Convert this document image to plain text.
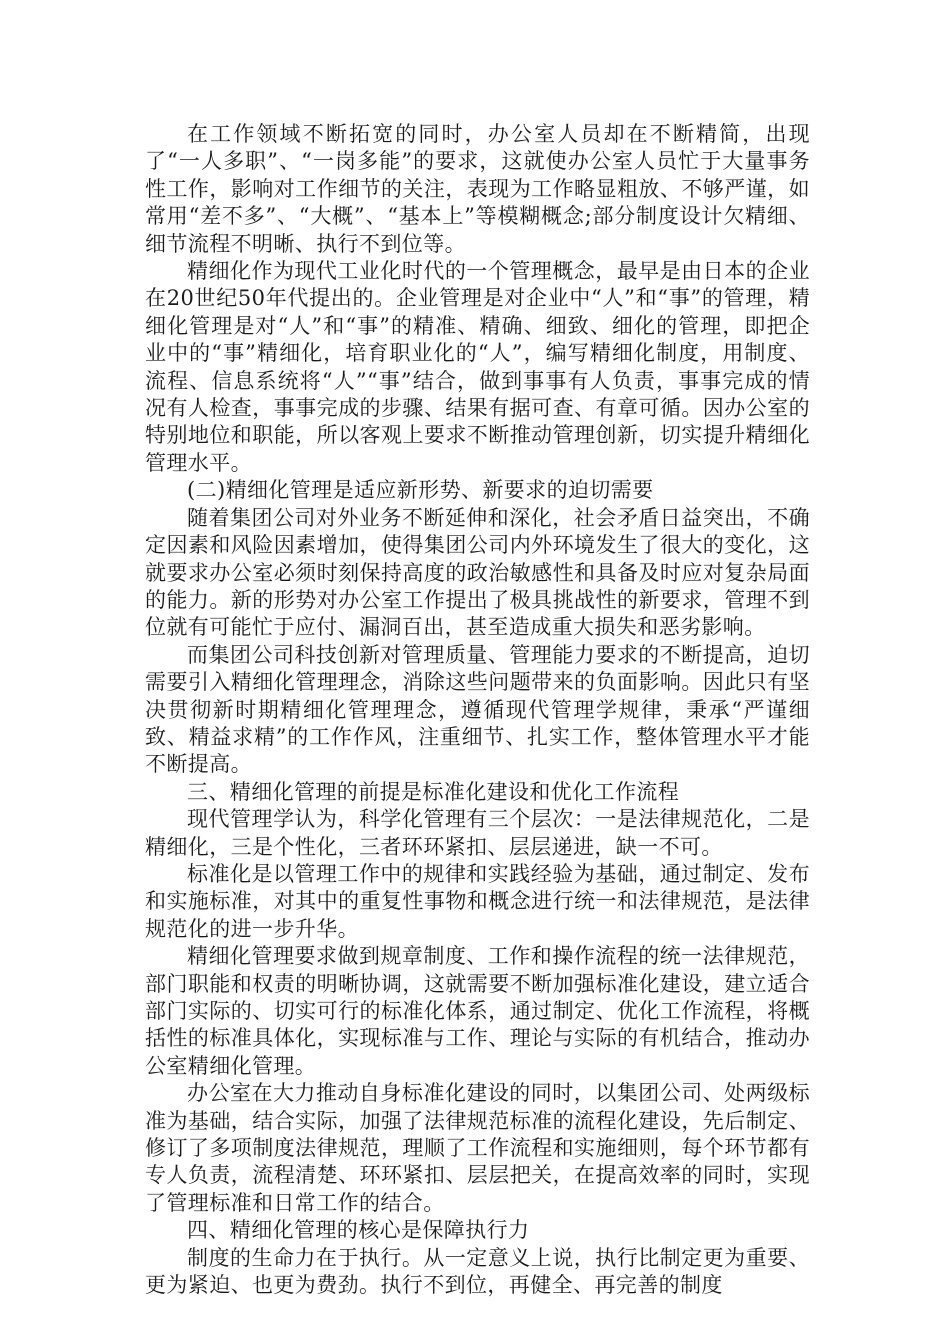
在工作领域不断拓宽的同时，办公室人员却在不断精简，出现了“一人多职”、“一岗多能”的要求，这就使办公室人员忙于大量事务性工作，影响对工作细节的关注，表现为工作略显粗放、不够严谨，如常用“差不多”、“大概”、“基本上”等模糊概念;部分制度设计欠精细、细节流程不明晰、执行不到位等。

精细化作为现代工业化时代的一个管理概念，最早是由日本的企业在20世纪50年代提出的。企业管理是对企业中“人”和“事”的管理，精细化管理是对“人”和“事”的精准、精确、细致、细化的管理，即把企业中的“事”精细化，培育职业化的“人”，编写精细化制度，用制度、流程、信息系统将“人”“事”结合，做到事事有人负责，事事完成的情况有人检查，事事完成的步骤、结果有据可查、有章可循。因办公室的特别地位和职能，所以客观上要求不断推动管理创新，切实提升精细化管理水平。

(二)精细化管理是适应新形势、新要求的迫切需要

随着集团公司对外业务不断延伸和深化，社会矛盾日益突出，不确定因素和风险因素增加，使得集团公司内外环境发生了很大的变化，这就要求办公室必须时刻保持高度的政治敏感性和具备及时应对复杂局面的能力。新的形势对办公室工作提出了极具挑战性的新要求，管理不到位就有可能忙于应付、漏洞百出，甚至造成重大损失和恶劣影响。

而集团公司科技创新对管理质量、管理能力要求的不断提高，迫切需要引入精细化管理理念，消除这些问题带来的负面影响。因此只有坚决贯彻新时期精细化管理理念，遵循现代管理学规律，秉承“严谨细致、精益求精”的工作作风，注重细节、扎实工作，整体管理水平才能不断提高。

三、精细化管理的前提是标准化建设和优化工作流程

现代管理学认为，科学化管理有三个层次：一是法律规范化，二是精细化，三是个性化，三者环环紧扣、层层递进，缺一不可。

标准化是以管理工作中的规律和实践经验为基础，通过制定、发布和实施标准，对其中的重复性事物和概念进行统一和法律规范，是法律规范化的进一步升华。

精细化管理要求做到规章制度、工作和操作流程的统一法律规范，部门职能和权责的明晰协调，这就需要不断加强标准化建设，建立适合部门实际的、切实可行的标准化体系，通过制定、优化工作流程，将概括性的标准具体化，实现标准与工作、理论与实际的有机结合，推动办公室精细化管理。

办公室在大力推动自身标准化建设的同时，以集团公司、处两级标准为基础，结合实际，加强了法律规范标准的流程化建设，先后制定、修订了多项制度法律规范，理顺了工作流程和实施细则，每个环节都有专人负责，流程清楚、环环紧扣、层层把关，在提高效率的同时，实现了管理标准和日常工作的结合。

四、精细化管理的核心是保障执行力

制度的生命力在于执行。从一定意义上说，执行比制定更为重要、更为紧迫、也更为费劲。执行不到位，再健全、再完善的制度
